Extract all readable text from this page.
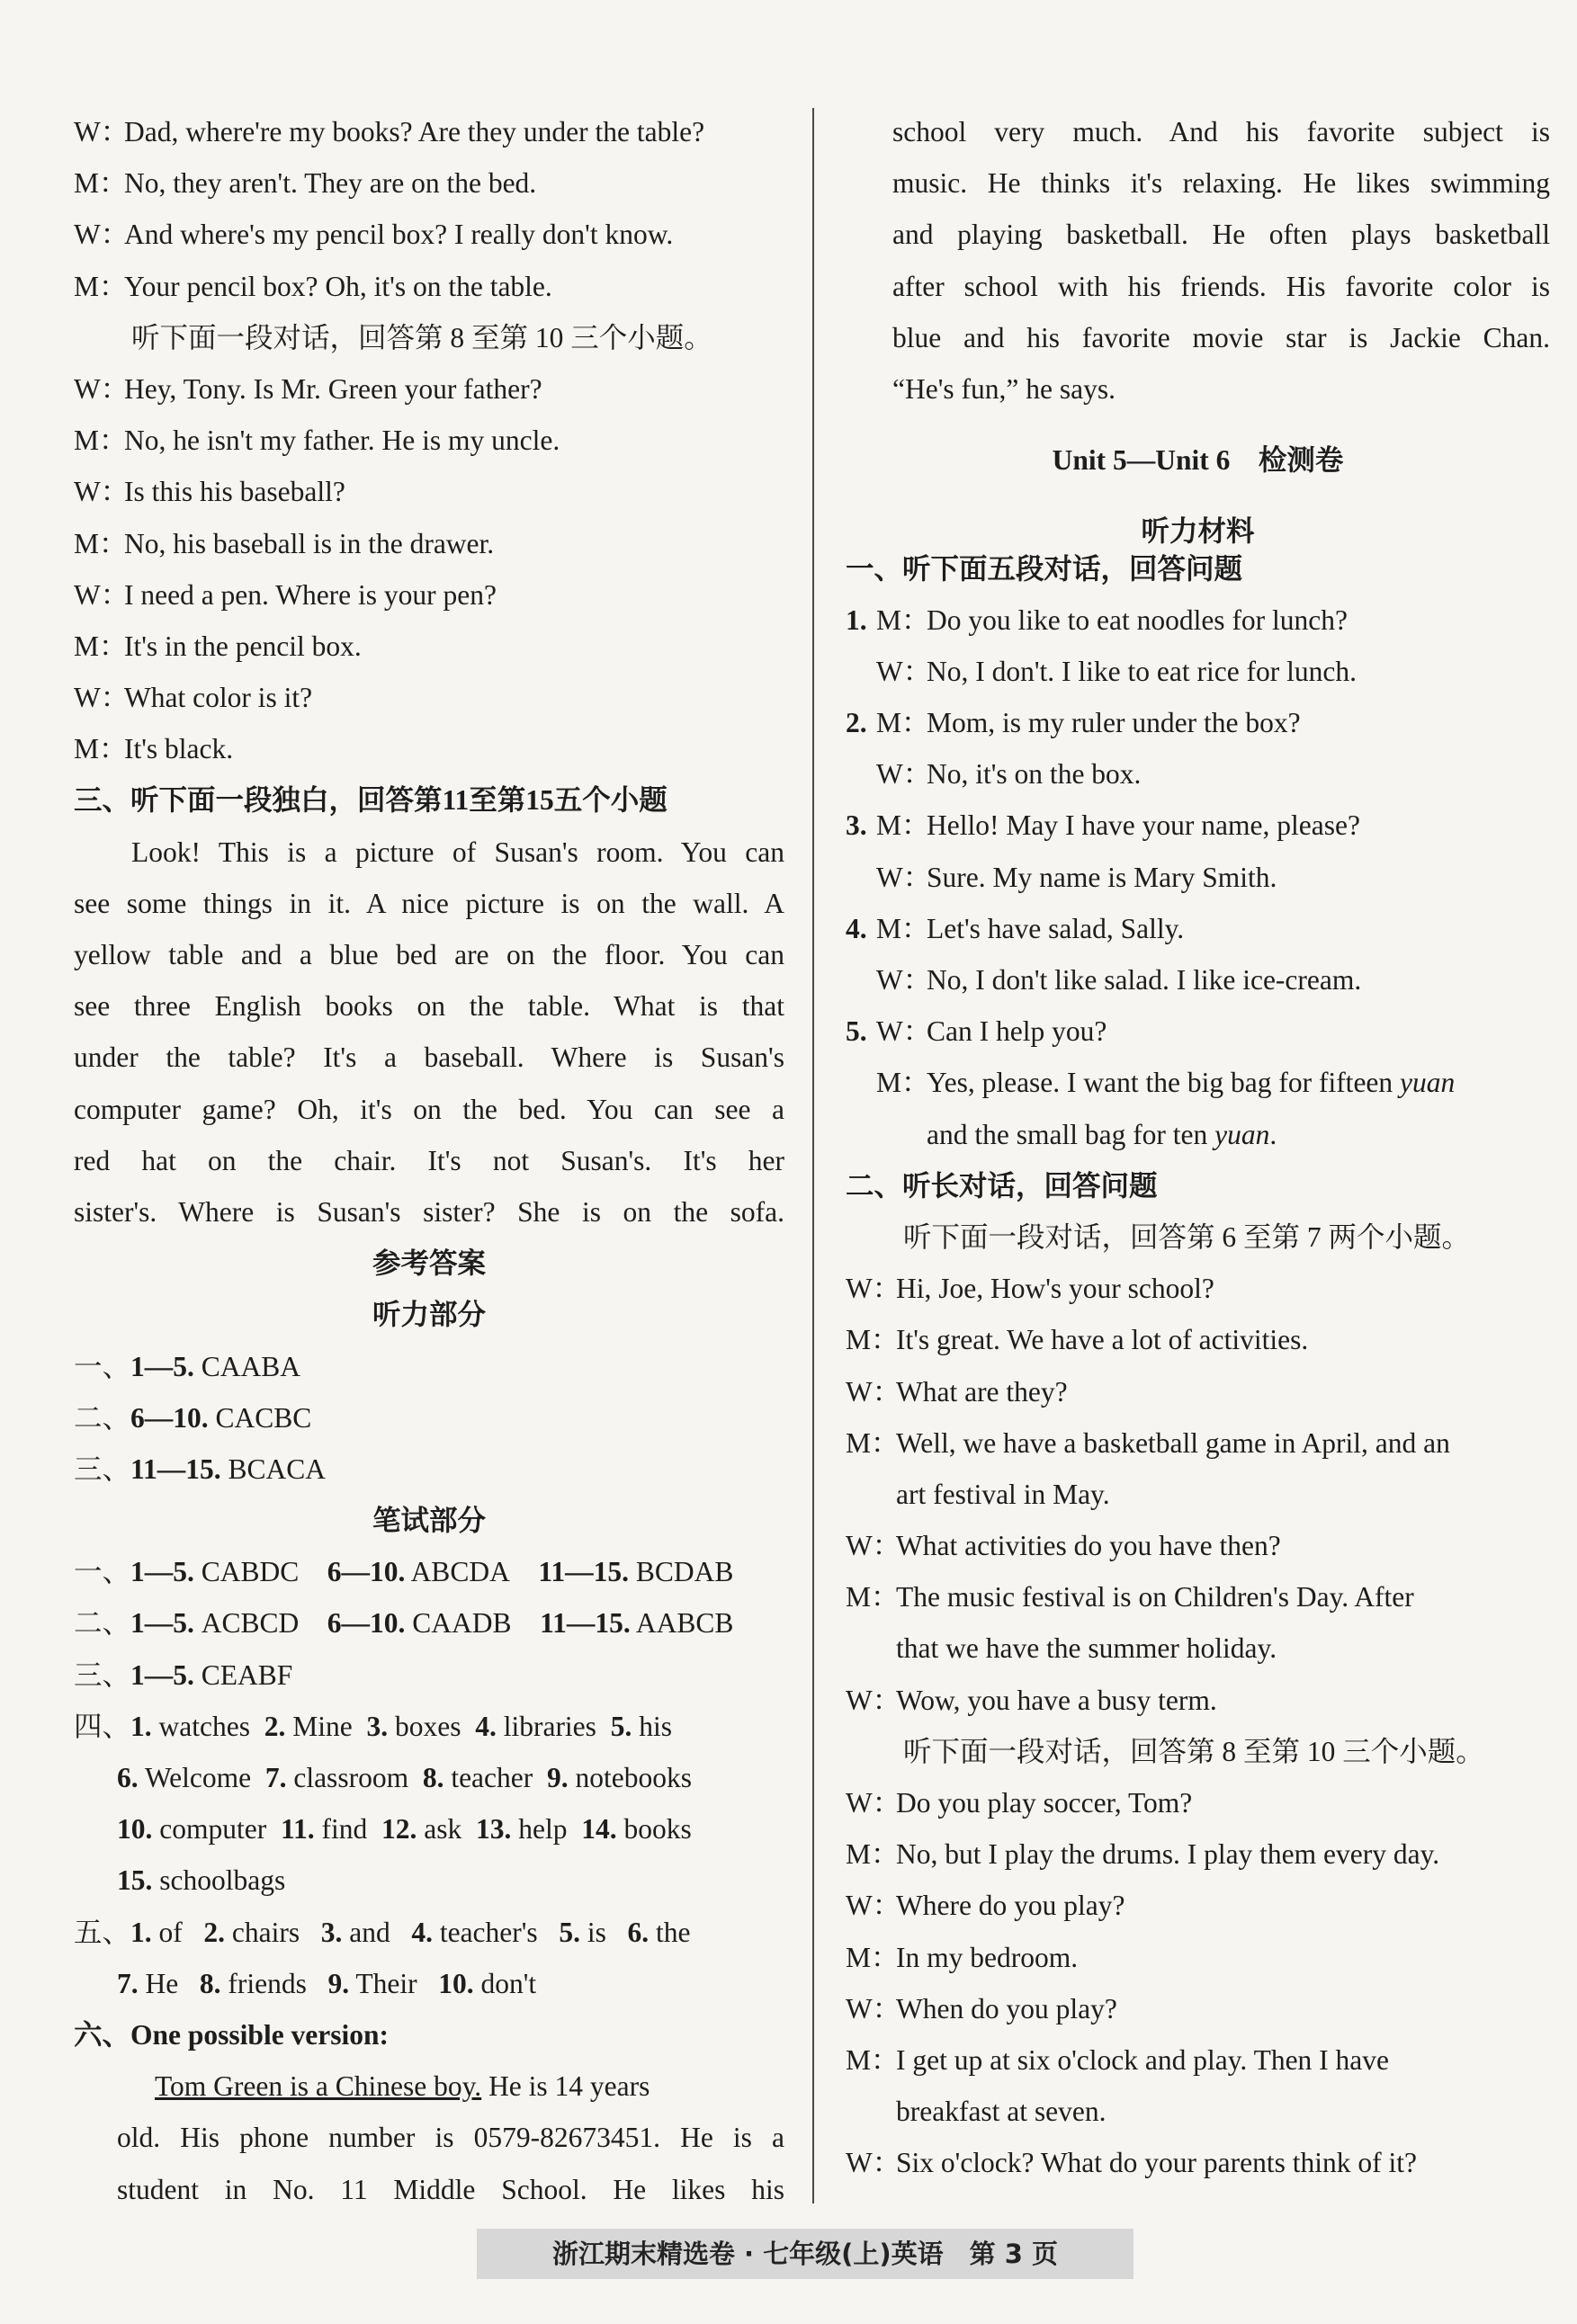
W：Dad, where're my books? Are they under the table?
M：No, they aren't. They are on the bed.
W：And where's my pencil box? I really don't know.
M：Your pencil box? Oh, it's on the table.
听下面一段对话，回答第 8 至第 10 三个小题。
W：Hey, Tony. Is Mr. Green your father?
M：No, he isn't my father. He is my uncle.
W：Is this his baseball?
M：No, his baseball is in the drawer.
W：I need a pen. Where is your pen?
M：It's in the pencil box.
W：What color is it?
M：It's black.
三、听下面一段独白，回答第11至第15五个小题
Look! This is a picture of Susan's room. You can
see some things in it. A nice picture is on the wall. A
yellow table and a blue bed are on the floor. You can
see three English books on the table. What is that
under the table? It's a baseball. Where is Susan's
computer game? Oh, it's on the bed. You can see a
red hat on the chair. It's not Susan's. It's her
sister's. Where is Susan's sister? She is on the sofa.
参考答案
听力部分
一、1—5. CAABA
二、6—10. CACBC
三、11—15. BCACA
笔试部分
一、1—5. CABDC 6—10. ABCDA 11—15. BCDAB
二、1—5. ACBCD 6—10. CAADB 11—15. AABCB
三、1—5. CEABF
四、1. watches 2. Mine 3. boxes 4. libraries 5. his
6. Welcome 7. classroom 8. teacher 9. notebooks
10. computer 11. find 12. ask 13. help 14. books
15. schoolbags
五、1. of 2. chairs 3. and 4. teacher's 5. is 6. the
7. He 8. friends 9. Their 10. don't
六、One possible version:
Tom Green is a Chinese boy. He is 14 years
old. His phone number is 0579-82673451. He is a
student in No. 11 Middle School. He likes his
school very much. And his favorite subject is
music. He thinks it's relaxing. He likes swimming
and playing basketball. He often plays basketball
after school with his friends. His favorite color is
blue and his favorite movie star is Jackie Chan.
“He's fun,” he says.
Unit 5—Unit 6　检测卷
听力材料
一、听下面五段对话，回答问题
1. M：Do you like to eat noodles for lunch?
W：No, I don't. I like to eat rice for lunch.
2. M：Mom, is my ruler under the box?
W：No, it's on the box.
3. M：Hello! May I have your name, please?
W：Sure. My name is Mary Smith.
4. M：Let's have salad, Sally.
W：No, I don't like salad. I like ice-cream.
5. W：Can I help you?
M：Yes, please. I want the big bag for fifteen yuan
and the small bag for ten yuan.
二、听长对话，回答问题
听下面一段对话，回答第 6 至第 7 两个小题。
W：Hi, Joe, How's your school?
M：It's great. We have a lot of activities.
W：What are they?
M：Well, we have a basketball game in April, and an
art festival in May.
W：What activities do you have then?
M：The music festival is on Children's Day. After
that we have the summer holiday.
W：Wow, you have a busy term.
听下面一段对话，回答第 8 至第 10 三个小题。
W：Do you play soccer, Tom?
M：No, but I play the drums. I play them every day.
W：Where do you play?
M：In my bedroom.
W：When do you play?
M：I get up at six o'clock and play. Then I have
breakfast at seven.
W：Six o'clock? What do your parents think of it?
浙江期末精选卷 · 七年级(上)英语　第 3 页
